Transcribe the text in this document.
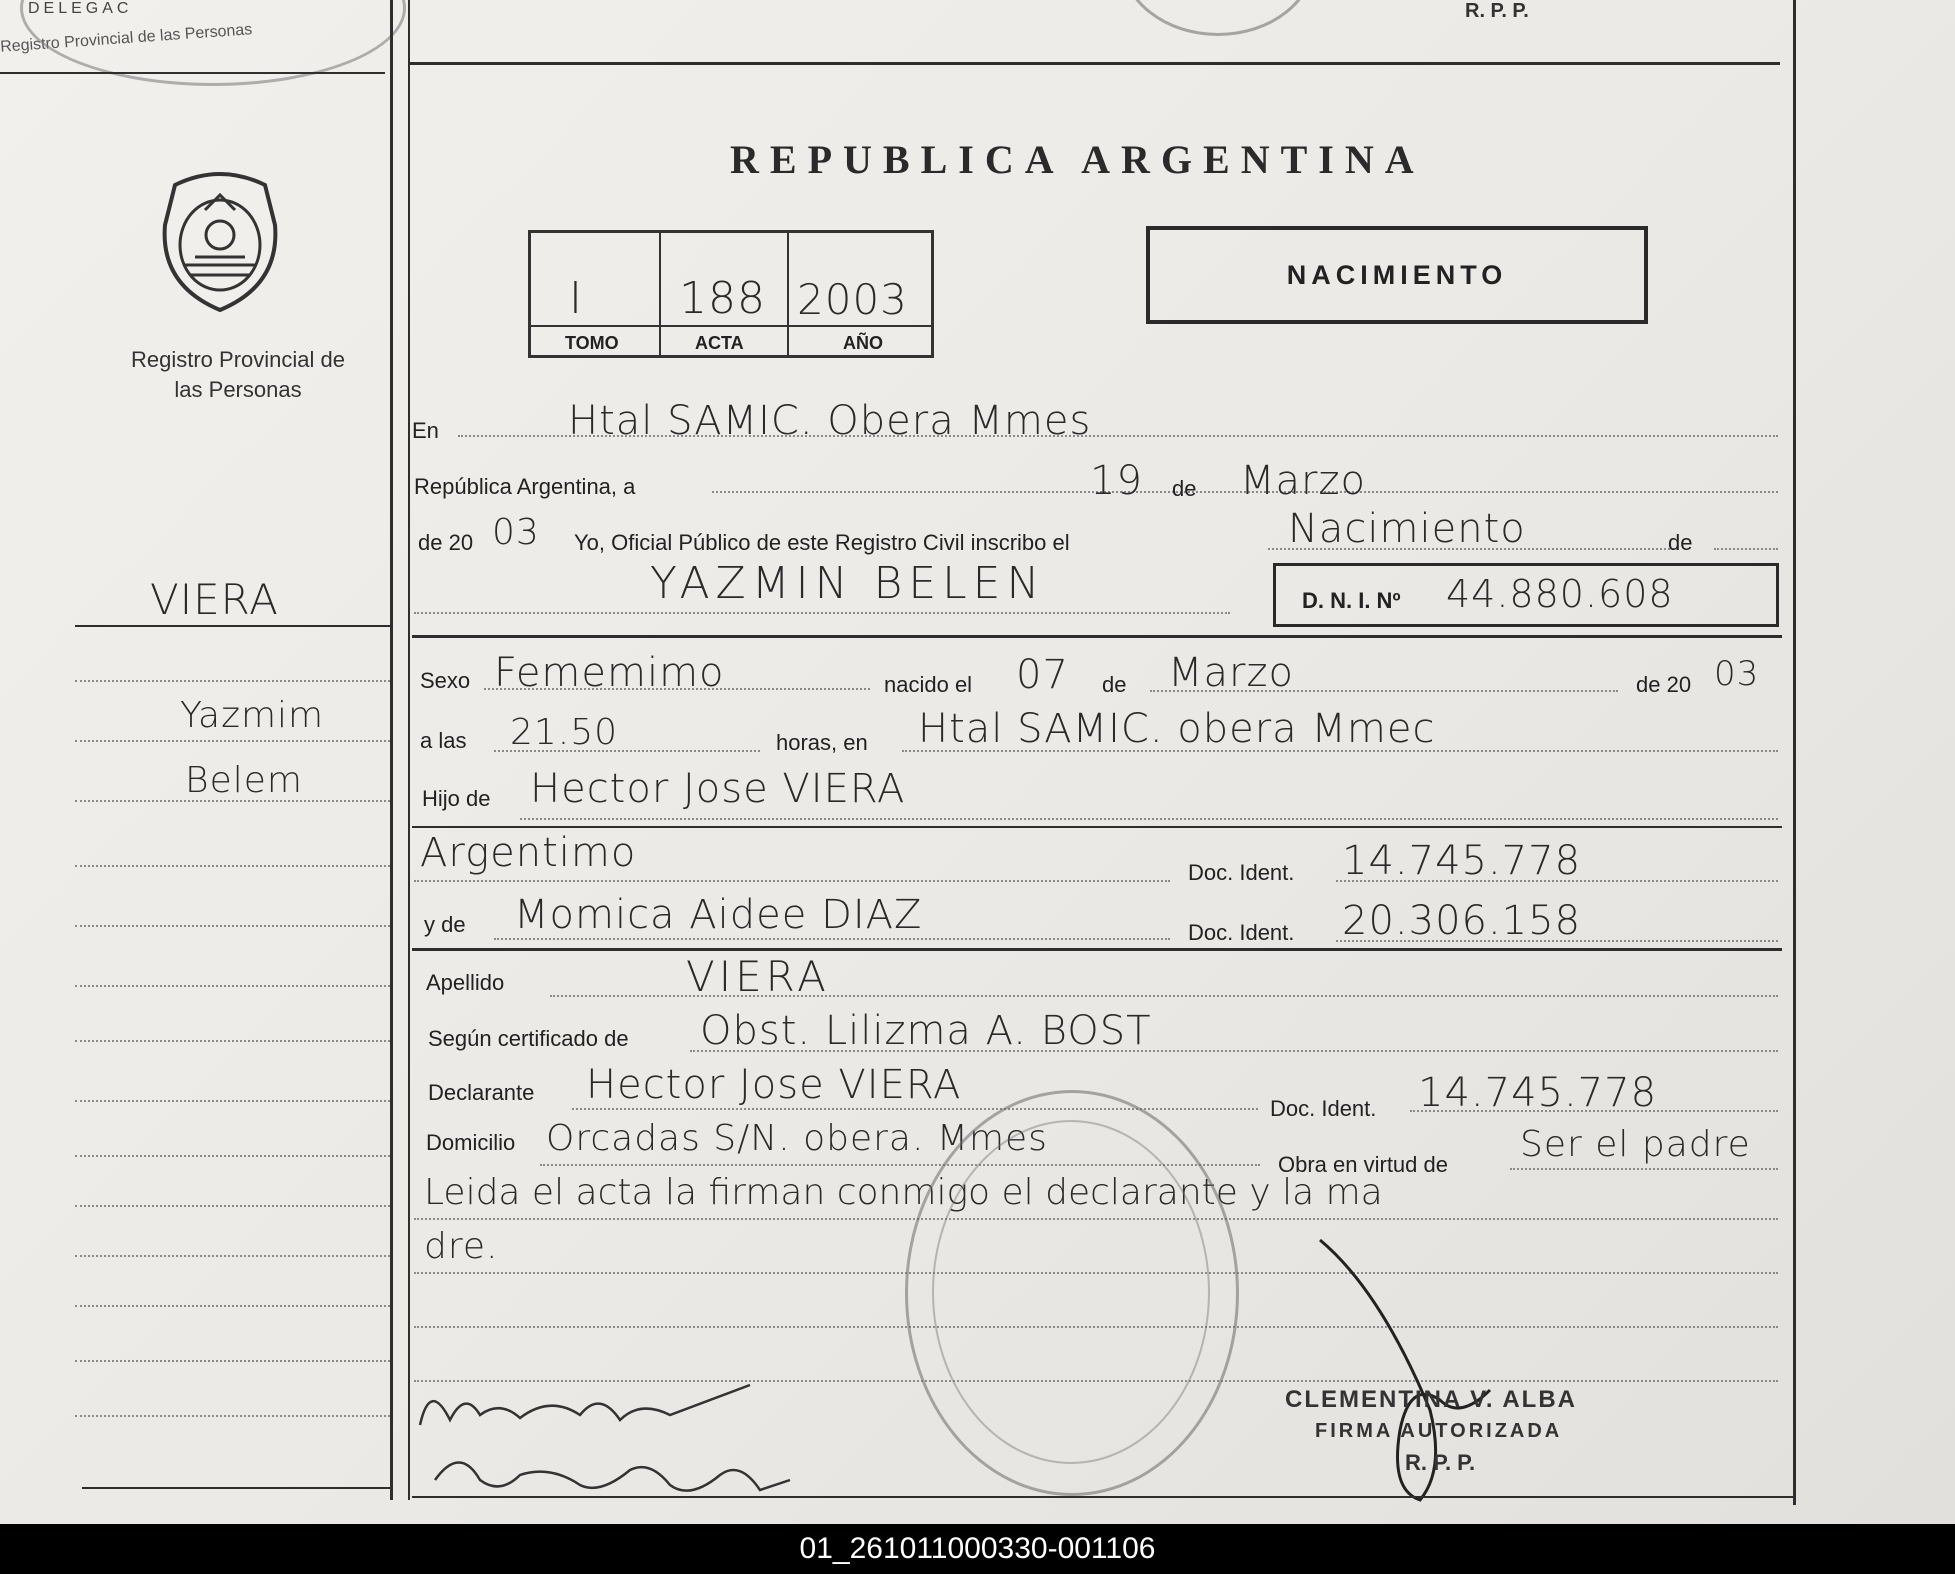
DELEGAC
Registro Provincial de las Personas
R. P. P.
Registro Provincial de las Personas
VIERA
Yazmim
Belem
REPUBLICA ARGENTINA
I 188 2003
TOMO	ACTA	AÑO
NACIMIENTO
En	Htal SAMIC. Obera Mmes
República Argentina, a	19 de Marzo
de 20 03 Yo, Oficial Público de este Registro Civil inscribo el	Nacimiento	de
YAZMIN BELEN	D. N. I. Nº 44.880.608
Sexo Fememimo	nacido el 07 de Marzo	de 20 03
a las 21.50	horas, en Htal SAMIC. obera Mmec
Hijo de Hector Jose VIERA
Argentimo	Doc. Ident. 14.745.778
y de Momica Aidee DIAZ	Doc. Ident. 20.306.158
Apellido	VIERA
Según certificado de Obst. Lilizma A. BOST
Declarante Hector Jose VIERA
Doc. Ident. 14.745.778
Domicilio Orcadas S/N. obera. Mmes
Obra en virtud de Ser el padre
Leida el acta la firman conmigo el declarante y la ma
dre.
CLEMENTINA V. ALBA
FIRMA AUTORIZADA
R. P. P.
01_261011000330-001106
